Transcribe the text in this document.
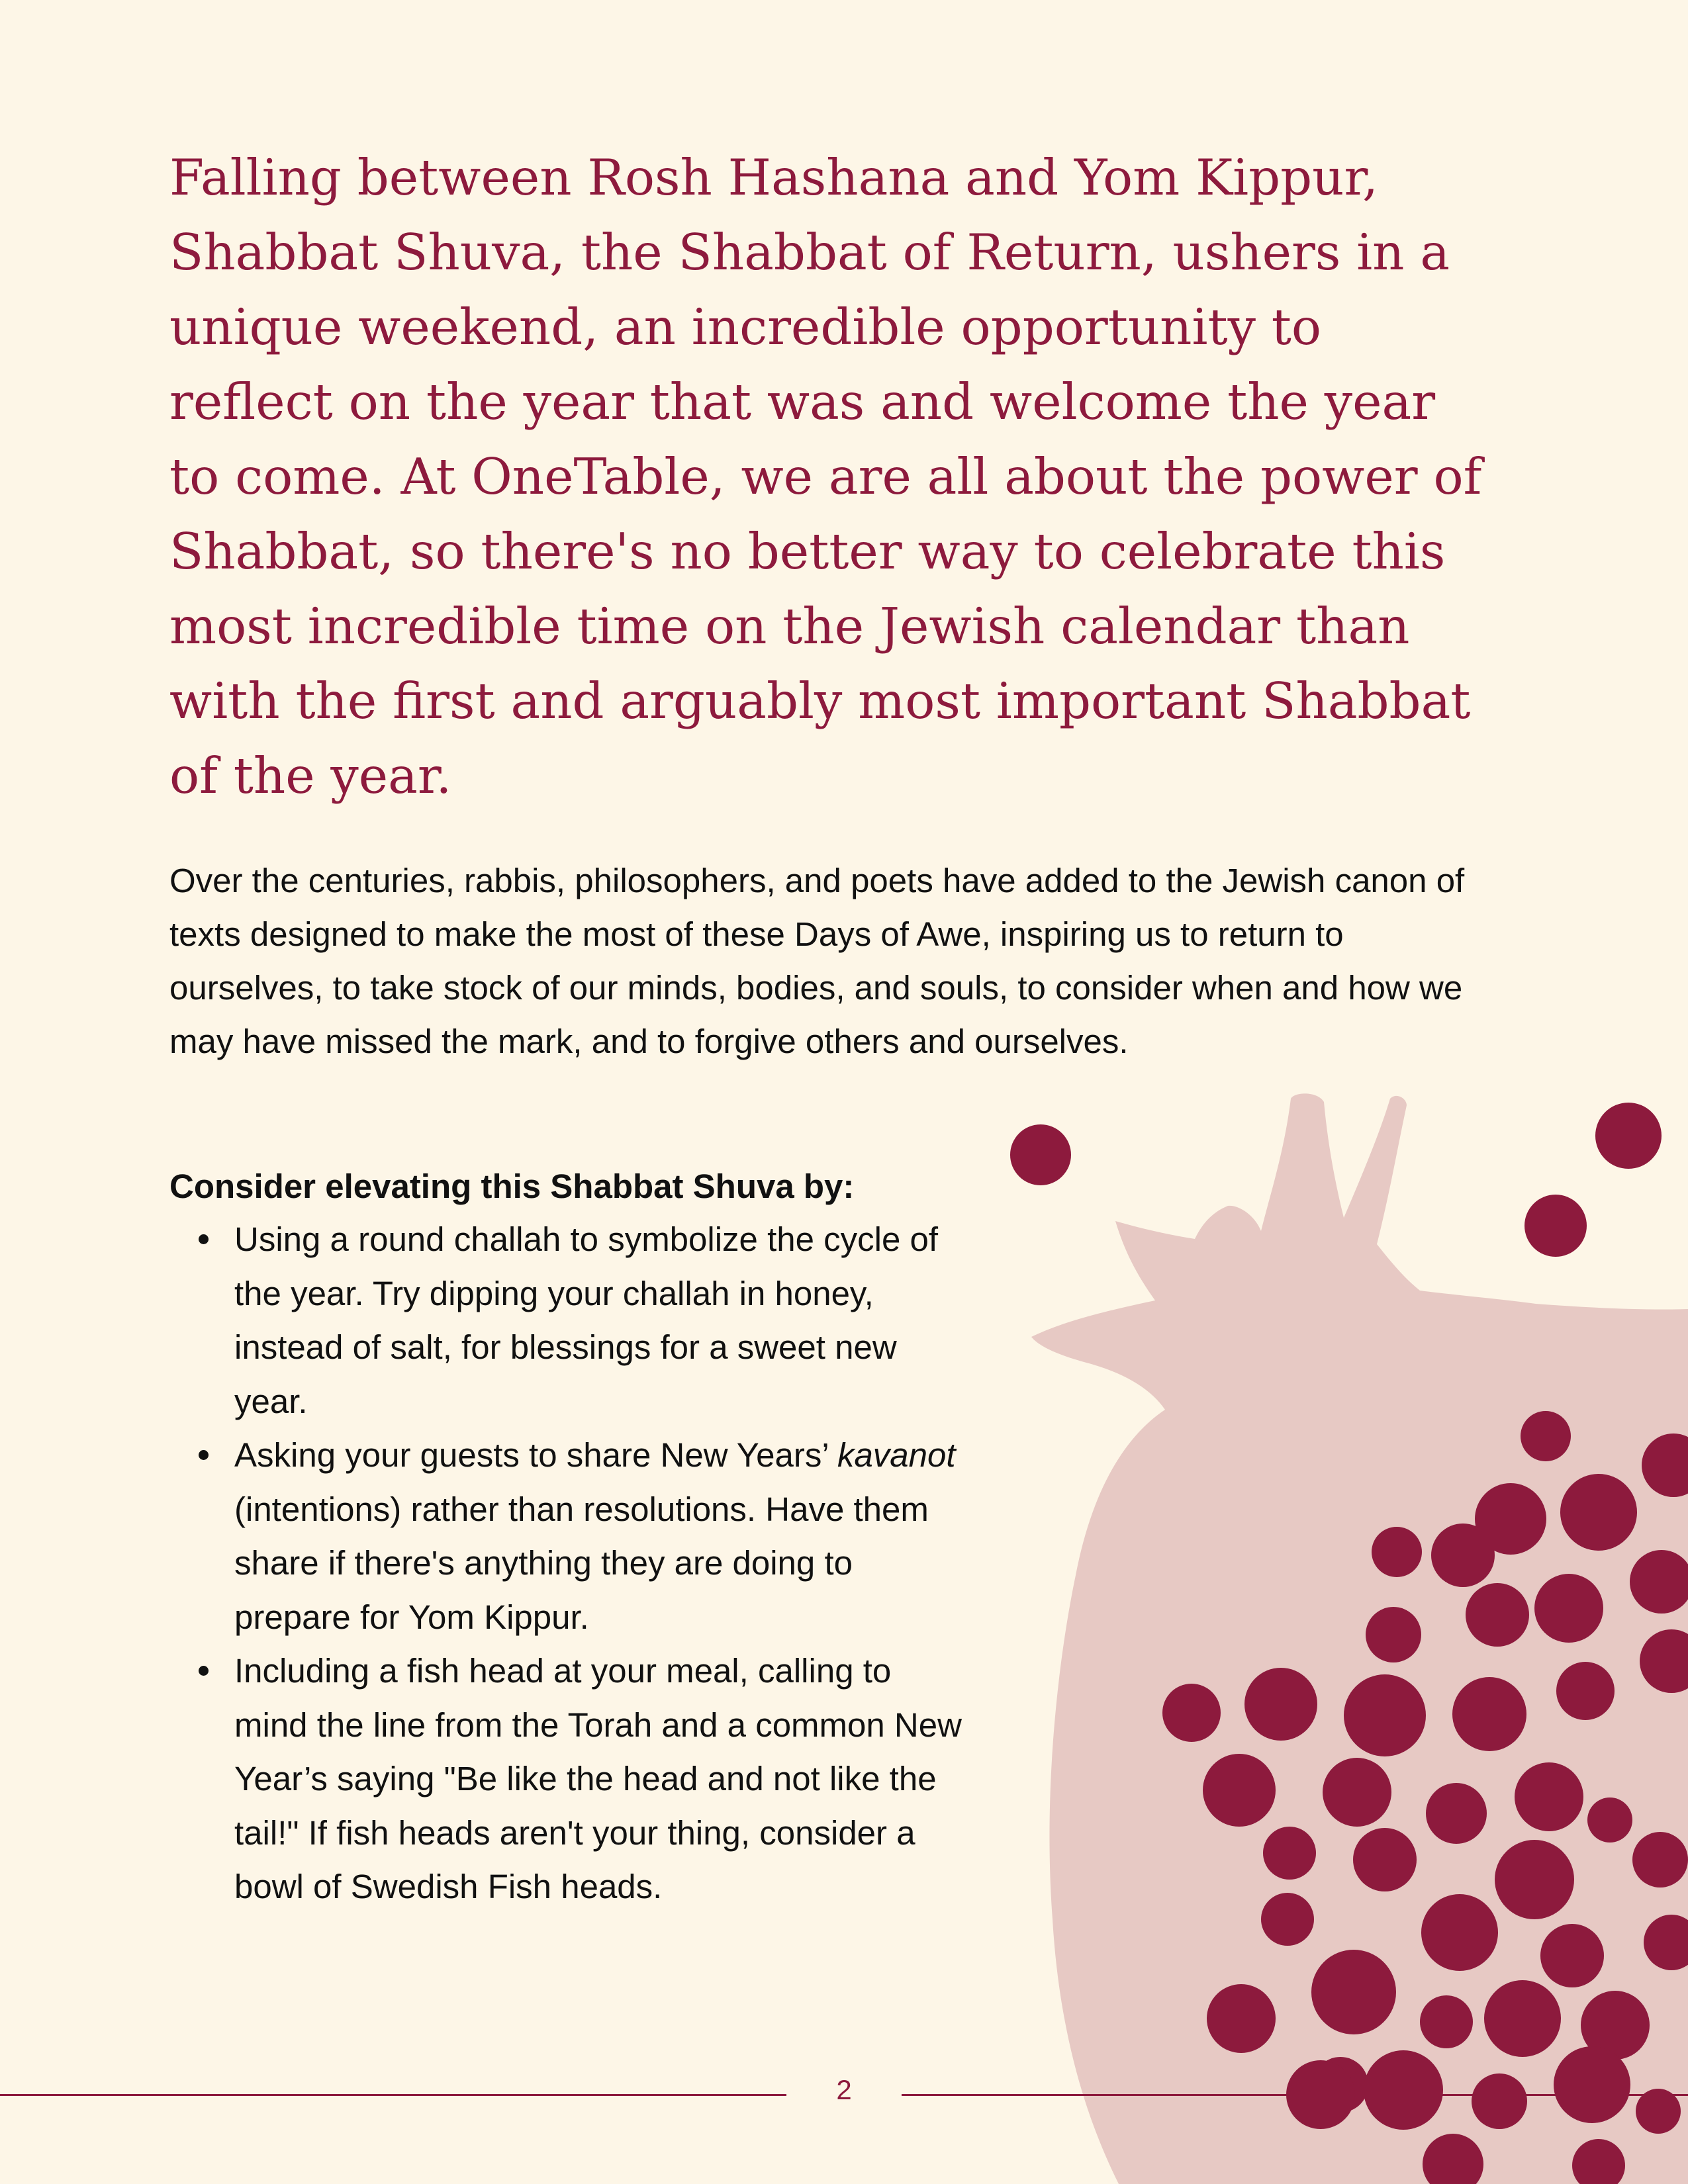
Falling between Rosh Hashana and Yom Kippur, Shabbat Shuva, the Shabbat of Return, ushers in a unique weekend, an incredible opportunity to reflect on the year that was and welcome the year to come. At OneTable, we are all about the power of Shabbat, so there's no better way to celebrate this most incredible time on the Jewish calendar than with the first and arguably most important Shabbat of the year.

Over the centuries, rabbis, philosophers, and poets have added to the Jewish canon of texts designed to make the most of these Days of Awe, inspiring us to return to ourselves, to take stock of our minds, bodies, and souls, to consider when and how we may have missed the mark, and to forgive others and ourselves.

Consider elevating this Shabbat Shuva by:

Using a round challah to symbolize the cycle of the year. Try dipping your challah in honey, instead of salt, for blessings for a sweet new year.

Asking your guests to share New Years’ kavanot (intentions) rather than resolutions. Have them share if there's anything they are doing to prepare for Yom Kippur.

Including a fish head at your meal, calling to mind the line from the Torah and a common New Year’s saying "Be like the head and not like the tail!" If fish heads aren't your thing, consider a bowl of Swedish Fish heads.

2
